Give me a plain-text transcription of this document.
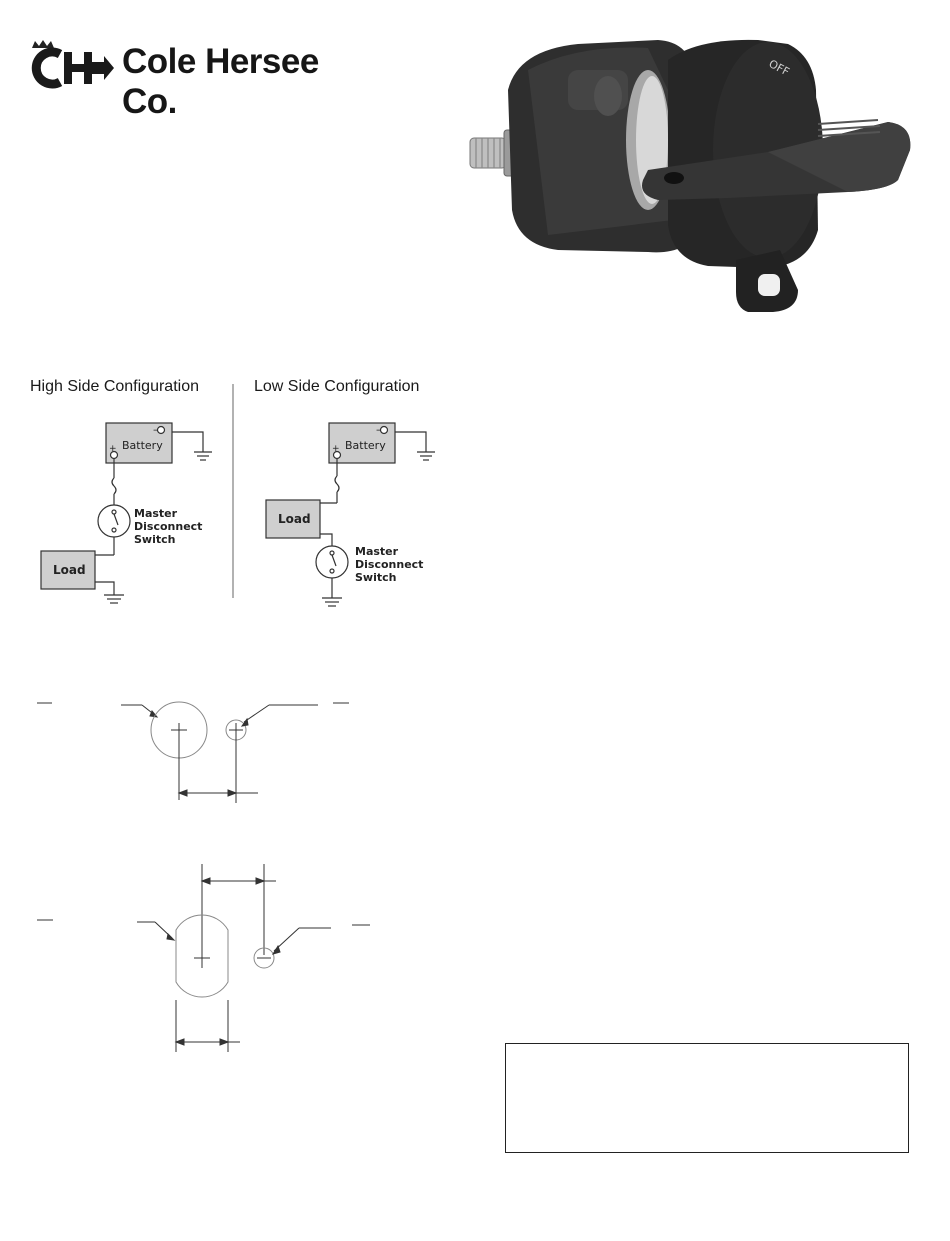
Cole Hersee Co.
OFF
High Side Configuration	Low Side Configuration
–
Battery
+
Master
Disconnect
Switch
Load
–
Battery
+
Master
Disconnect
Switch
Load
